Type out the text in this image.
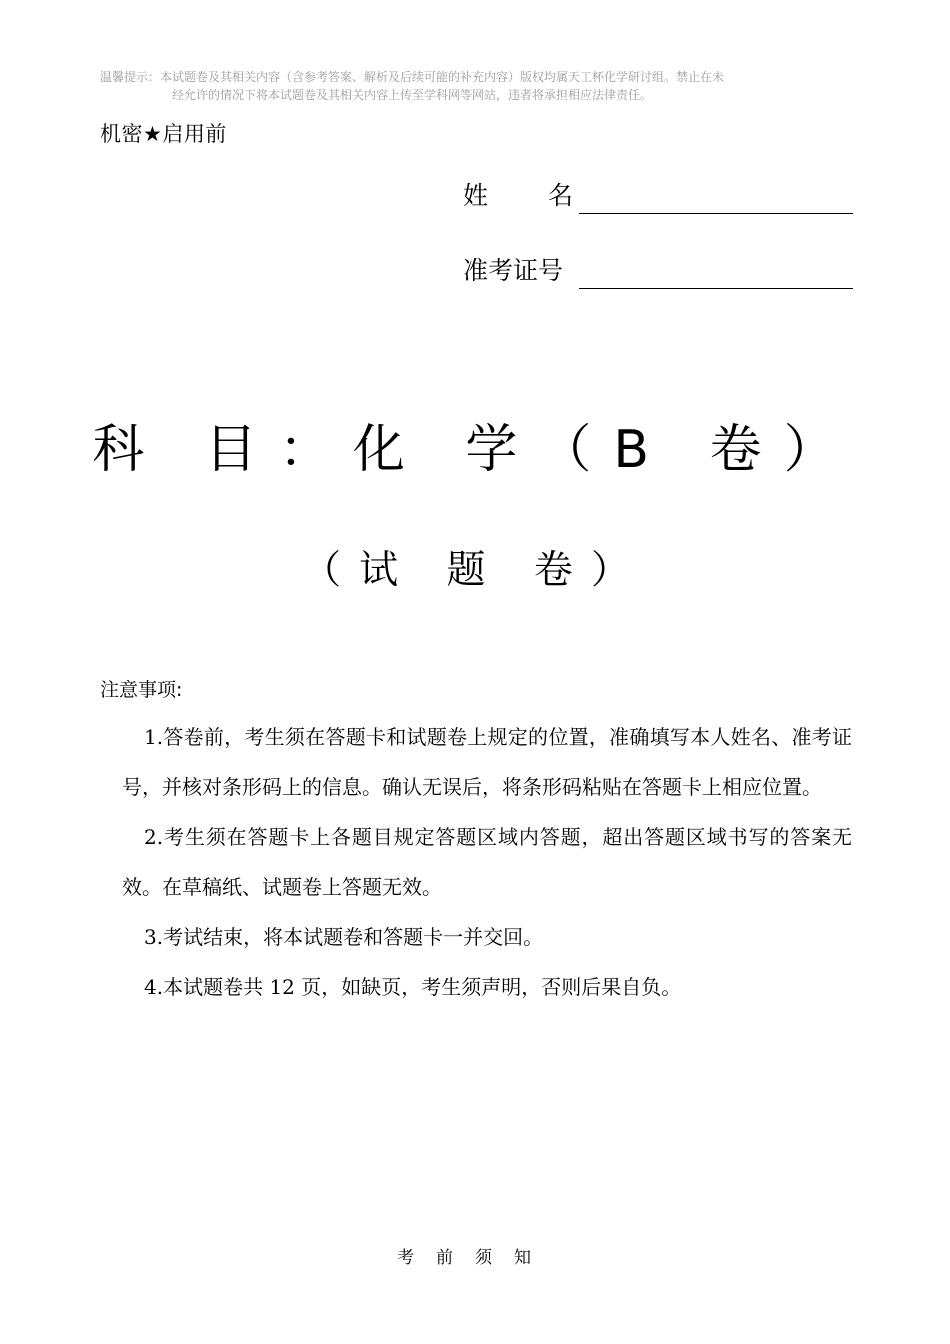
温馨提示：本试题卷及其相关内容（含参考答案、解析及后续可能的补充内容）版权均属天工杯化学研讨组。禁止在未
经允许的情况下将本试题卷及其相关内容上传至学科网等网站，违者将承担相应法律责任。
机密★启用前
姓名
准考证号
科 目：化 学（B 卷）
（试 题 卷）
注意事项:

1.答卷前，考生须在答题卡和试题卷上规定的位置，准确填写本人姓名、准考证号，并核对条形码上的信息。确认无误后，将条形码粘贴在答题卡上相应位置。

2.考生须在答题卡上各题目规定答题区域内答题，超出答题区域书写的答案无效。在草稿纸、试题卷上答题无效。

3.考试结束，将本试题卷和答题卡一并交回。

4.本试题卷共 12 页，如缺页，考生须声明，否则后果自负。

考前须知
